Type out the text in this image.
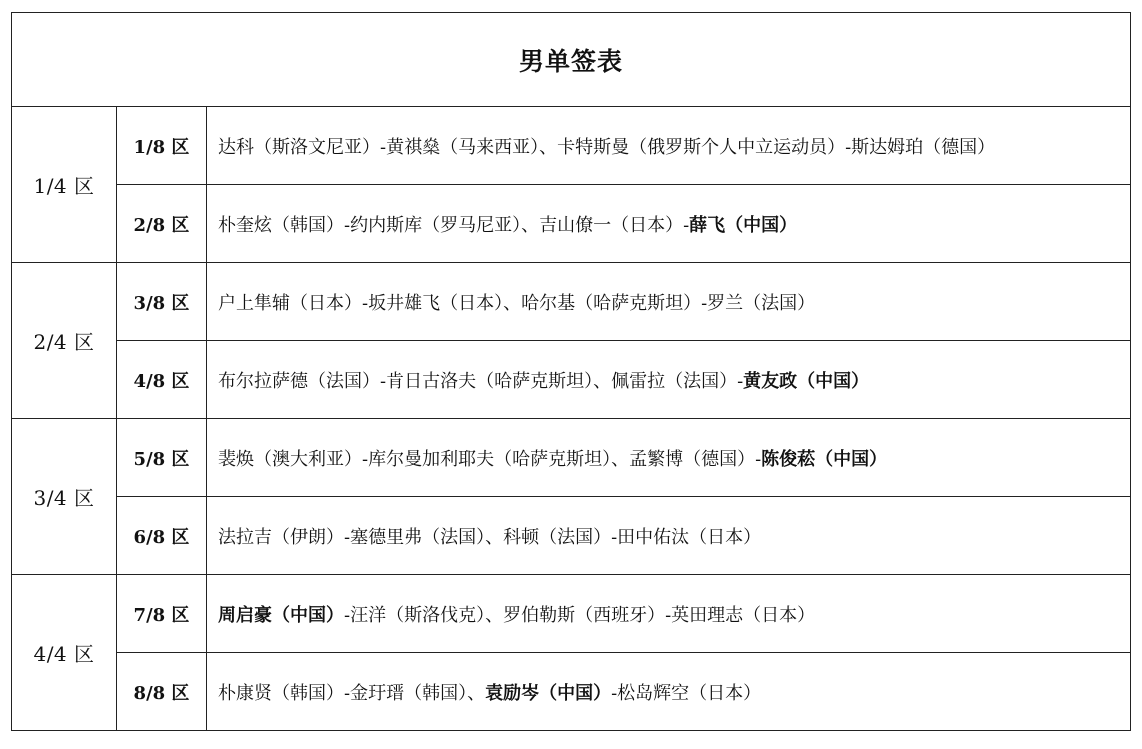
男单签表		
1/4 区	1/8 区	达科（斯洛文尼亚）-黄祺燊（马来西亚）、卡特斯曼（俄罗斯个人中立运动员）-斯达姆珀（德国）
	2/8 区	朴奎炫（韩国）-约内斯库（罗马尼亚）、吉山僚一（日本）-薛飞（中国）
2/4 区	3/8 区	户上隼辅（日本）-坂井雄飞（日本）、哈尔基（哈萨克斯坦）-罗兰（法国）
	4/8 区	布尔拉萨德（法国）-肯日古洛夫（哈萨克斯坦）、佩雷拉（法国）-黄友政（中国）
3/4 区	5/8 区	裴焕（澳大利亚）-库尔曼加利耶夫（哈萨克斯坦）、孟繁博（德国）-陈俊菘（中国）
	6/8 区	法拉吉（伊朗）-塞德里弗（法国）、科顿（法国）-田中佑汰（日本）
4/4 区	7/8 区	周启豪（中国）-汪洋（斯洛伐克）、罗伯勒斯（西班牙）-英田理志（日本）
	8/8 区	朴康贤（韩国）-金玗瑨（韩国）、袁励岑（中国）-松岛辉空（日本）
